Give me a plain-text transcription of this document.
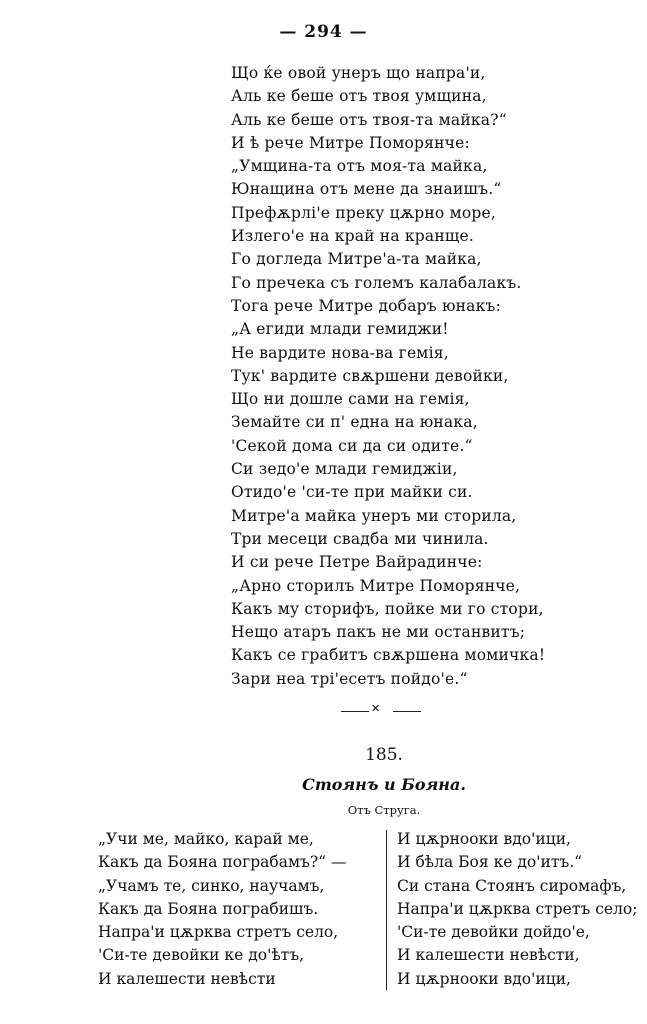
— 294 —
Що ќе овой унеръ що напра'и,
Аль ке беше отъ твоя умщина,
Аль ке беше отъ твоя-та майка?“
И ѣ рече Митре Поморянче:
„Умщина-та отъ моя-та майка,
Юнащина отъ мене да знаишъ.“
Префѫрлі'е преку цѫрно море,
Излего'е на край на кранще.
Го догледа Митре'а-та майка,
Го пречека съ големъ калабалакъ.
Тога рече Митре добаръ юнакъ:
„А егиди млади гемиджи!
Не вардите нова-ва гемія,
Тук' вардите свѫршени девойки,
Що ни дошле сами на гемія,
Земайте си п' една на юнака,
'Секой дома си да си одите.“
Си зедо'е млади гемиджіи,
Отидо'е 'си-те при майки си.
Митре'а майка унеръ ми сторила,
Три месеци свадба ми чинила.
И си рече Петре Вайрадинче:
„Арно сторилъ Митре Поморянче,
Какъ му сторифъ, пойке ми го стори,
Нещо атаръ пакъ не ми останвитъ;
Какъ се грабитъ свѫршена момичка!
Зари неа трі'есетъ пойдо'е.“
✕
185.
Стоянъ и Бояна.
Отъ Струга.
„Учи ме, майко, карай ме,
Какъ да Бояна пограбамъ?“ —
„Учамъ те, синко, научамъ,
Какъ да Бояна пограбишъ.
Напра'и цѫрква стретъ село,
'Си-те девойки ке до'ѣтъ,
И калешести невѣсти
И цѫрнооки вдо'ици,
И бѣла Боя ке до'итъ.“
Си стана Стоянъ сиромафъ,
Напра'и цѫрква стретъ село;
'Си-те девойки дойдо'е,
И калешести невѣсти,
И цѫрнооки вдо'ици,
